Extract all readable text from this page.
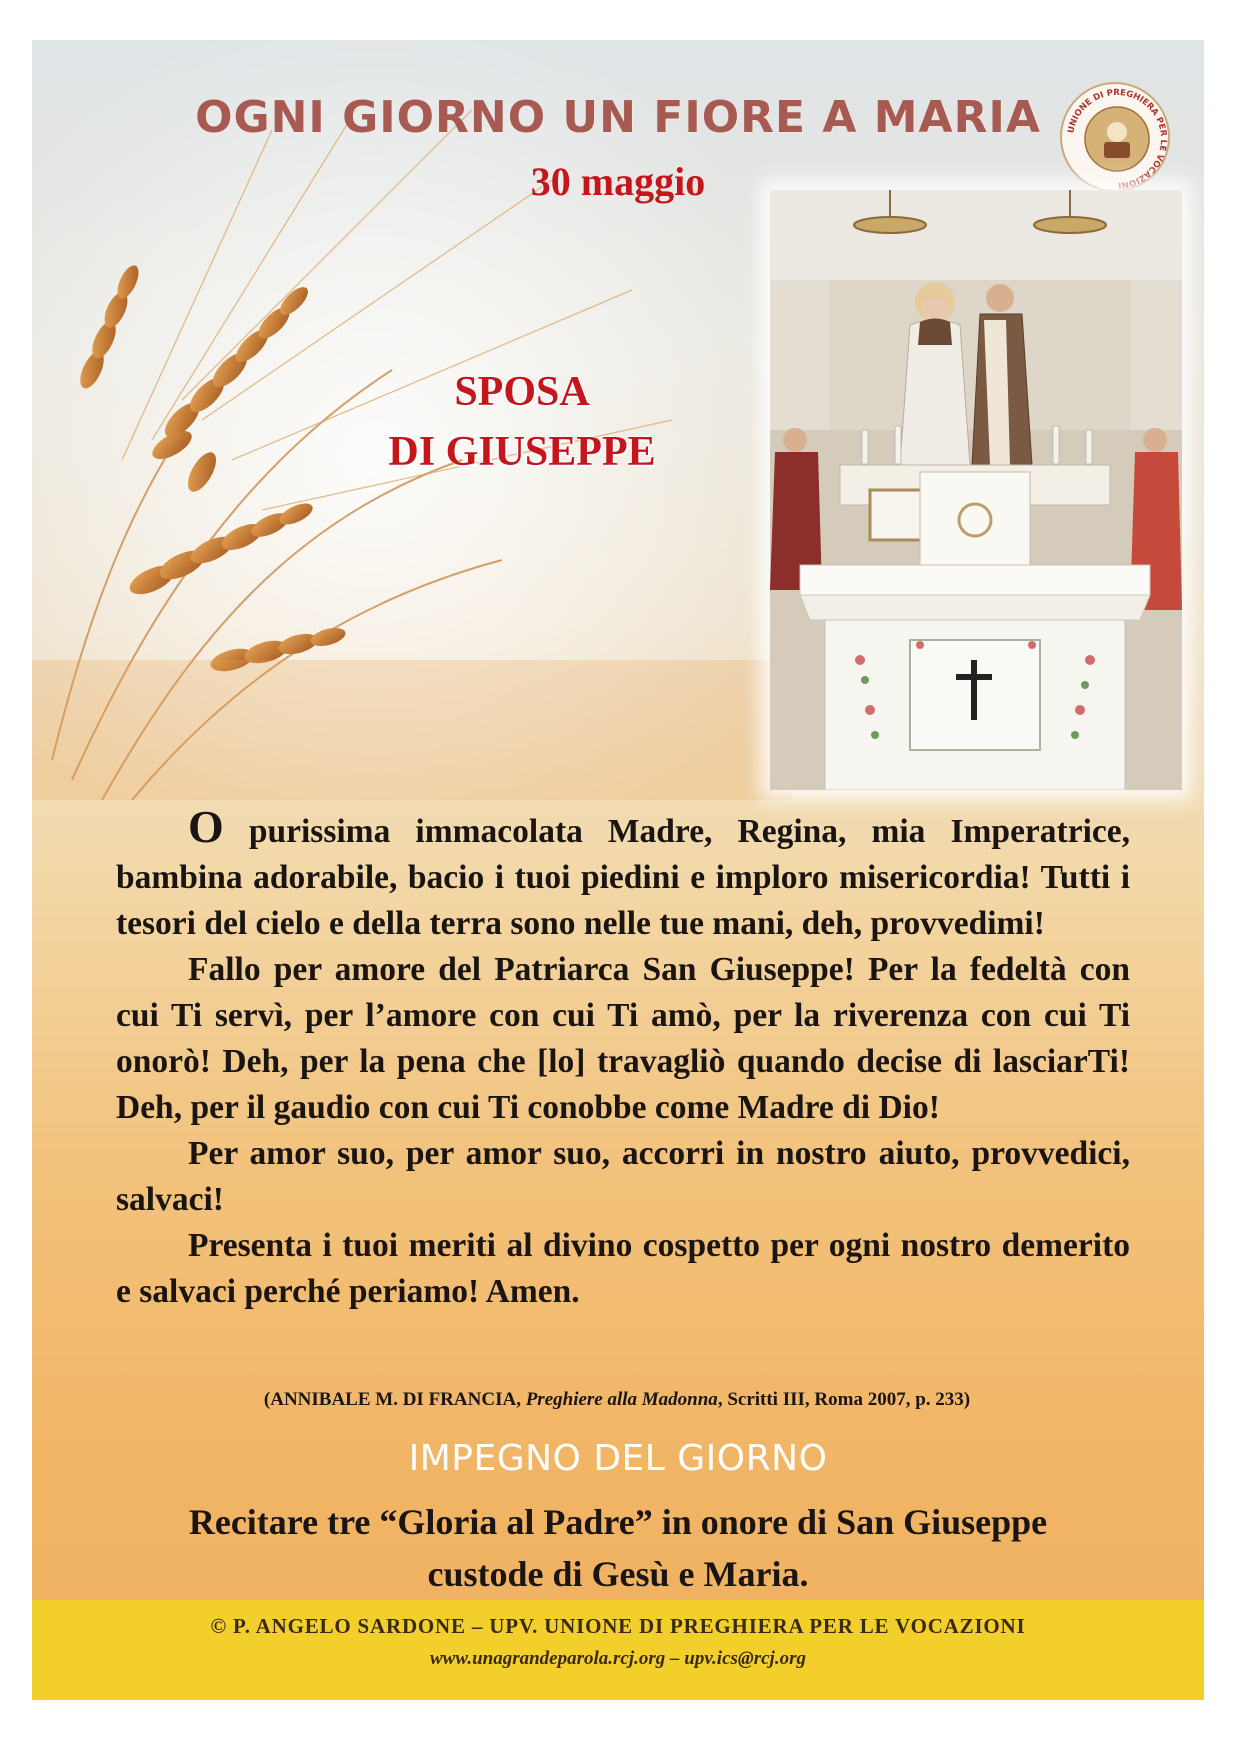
OGNI GIORNO UN FIORE A MARIA	UNIONE DI PREGHIERA PER LE VOCAZIONI
30 maggio
SPOSA
DI GIUSEPPE

O purissima immacolata Madre, Regina, mia Imperatrice, bambina adorabile, bacio i tuoi piedini e imploro misericordia! Tutti i tesori del cielo e della terra sono nelle tue mani, deh, provvedimi!

Fallo per amore del Patriarca San Giuseppe! Per la fedeltà con cui Ti servì, per l’amore con cui Ti amò, per la riverenza con cui Ti onorò! Deh, per la pena che [lo] travagliò quando decise di lasciarTi! Deh, per il gaudio con cui Ti conobbe come Madre di Dio!

Per amor suo, per amor suo, accorri in nostro aiuto, provvedici, salvaci!

Presenta i tuoi meriti al divino cospetto per ogni nostro demerito e salvaci perché periamo! Amen.

(ANNIBALE M. DI FRANCIA, Preghiere alla Madonna, Scritti III, Roma 2007, p. 233)
IMPEGNO DEL GIORNO
Recitare tre “Gloria al Padre” in onore di San Giuseppe
custode di Gesù e Maria.
© P. ANGELO SARDONE – UPV. UNIONE DI PREGHIERA PER LE VOCAZIONI
www.unagrandeparola.rcj.org – upv.ics@rcj.org
